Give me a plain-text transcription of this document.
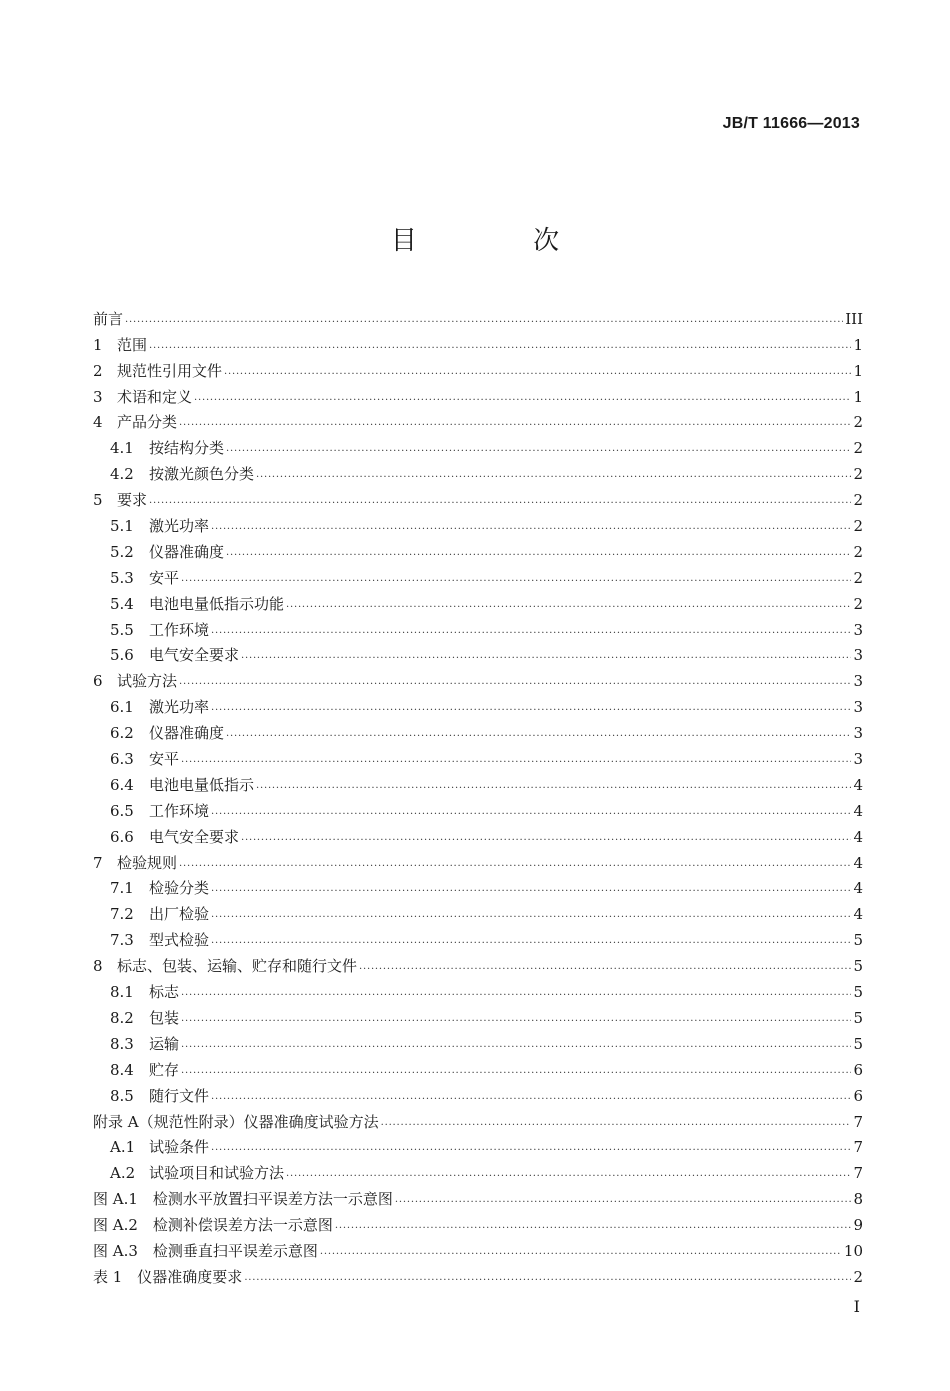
JB/T 11666—2013
目 次
前言 .....	III
1 范围 .....	1
2 规范性引用文件 .....	1
3 术语和定义 .....	1
4 产品分类 .....	2
4.1	按结构分类 .....	2
4.2	按激光颜色分类 .....	2
5 要求 .....	2
5.1	激光功率 .....	2
5.2	仪器准确度 .....	2
5.3	安平 .....	2
5.4	电池电量低指示功能 .....	2
5.5	工作环境 .....	3
5.6	电气安全要求 .....	3
6 试验方法 .....	3
6.1	激光功率 .....	3
6.2	仪器准确度 .....	3
6.3	安平 .....	3
6.4	电池电量低指示 .....	4
6.5	工作环境 .....	4
6.6	电气安全要求 .....	4
7 检验规则 .....	4
7.1	检验分类 .....	4
7.2	出厂检验 .....	4
7.3	型式检验 .....	5
8 标志、包装、运输、贮存和随行文件 .....	5
8.1	标志 .....	5
8.2	包装 .....	5
8.3	运输 .....	5
8.4	贮存 .....	6
8.5	随行文件 .....	6
附录 A（规范性附录）仪器准确度试验方法 .....	7
A.1 试验条件 .....	7
A.2 试验项目和试验方法 .....	7
图 A.1　检测水平放置扫平误差方法一示意图 .....	8
图 A.2　检测补偿误差方法一示意图 .....	9
图 A.3　检测垂直扫平误差示意图 .....	10
表 1　仪器准确度要求 .....	2
I
